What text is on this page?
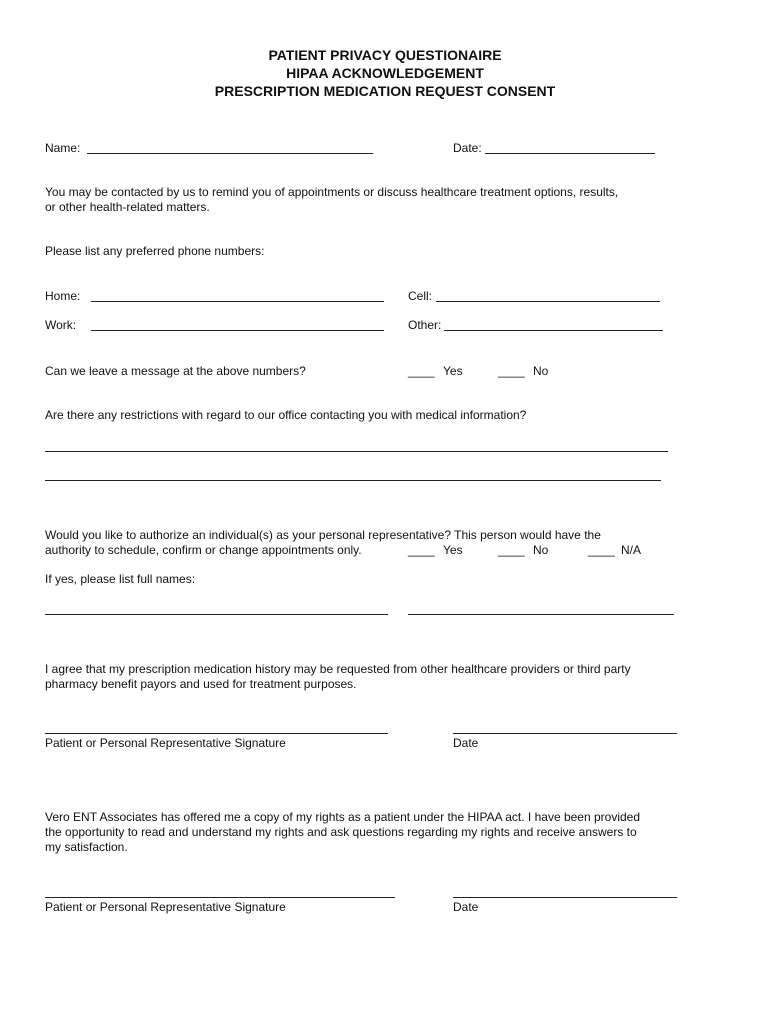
PATIENT PRIVACY QUESTIONAIRE
HIPAA ACKNOWLEDGEMENT
PRESCRIPTION MEDICATION REQUEST CONSENT
Name:	Date:
You may be contacted by us to remind you of appointments or discuss healthcare treatment options, results,
or other health-related matters.
Please list any preferred phone numbers:
Home:	Cell:
Work:	Other:
Can we leave a message at the above numbers?	____ Yes	____ No
Are there any restrictions with regard to our office contacting you with medical information?
Would you like to authorize an individual(s) as your personal representative? This person would have the
authority to schedule, confirm or change appointments only.	____ Yes	____ No	____ N/A
If yes, please list full names:
I agree that my prescription medication history may be requested from other healthcare providers or third party
pharmacy benefit payors and used for treatment purposes.
Patient or Personal Representative Signature	Date
Vero ENT Associates has offered me a copy of my rights as a patient under the HIPAA act. I have been provided
the opportunity to read and understand my rights and ask questions regarding my rights and receive answers to
my satisfaction.
Patient or Personal Representative Signature	Date
